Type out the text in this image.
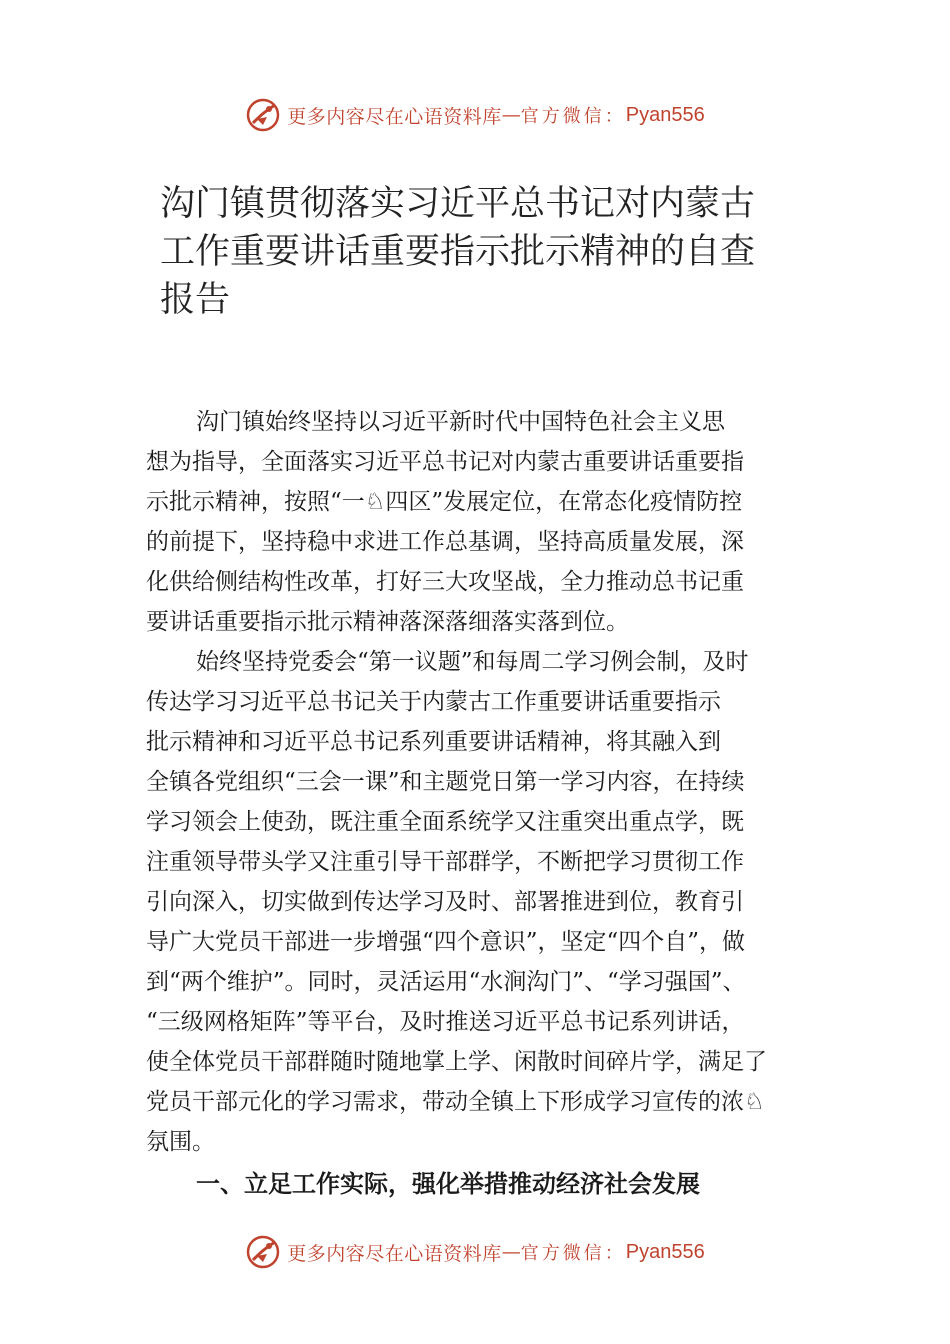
更多内容尽在心语资料库 — 官方微信： Pyan556
沟门镇贯彻落实习近平总书记对内蒙古
工作重要讲话重要指示批示精神的自查
报告
沟门镇始终坚持以习近平新时代中国特色社会主义思
想为指导，全面落实习近平总书记对内蒙古重要讲话重要指
示批示精神，按照“一♘四区”发展定位，在常态化疫情防控
的前提下，坚持稳中求进工作总基调，坚持高质量发展，深
化供给侧结构性改革，打好三大攻坚战，全力推动总书记重
要讲话重要指示批示精神落深落细落实落到位。
始终坚持党委会“第一议题”和每周二学习例会制，及时
传达学习习近平总书记关于内蒙古工作重要讲话重要指示
批示精神和习近平总书记系列重要讲话精神，将其融入到
全镇各党组织“三会一课”和主题党日第一学习内容，在持续
学习领会上使劲，既注重全面系统学又注重突出重点学，既
注重领导带头学又注重引导干部群学，不断把学习贯彻工作
引向深入，切实做到传达学习及时、部署推进到位，教育引
导广大党员干部进一步增强“四个意识”，坚定“四个自”，做
到“两个维护”。同时，灵活运用“水涧沟门”、“学习强国”、
“三级网格矩阵”等平台，及时推送习近平总书记系列讲话，
使全体党员干部群随时随地掌上学、闲散时间碎片学，满足了
党员干部元化的学习需求，带动全镇上下形成学习宣传的浓♘
氛围。
一、立足工作实际，强化举措推动经济社会发展
更多内容尽在心语资料库 — 官方微信： Pyan556
